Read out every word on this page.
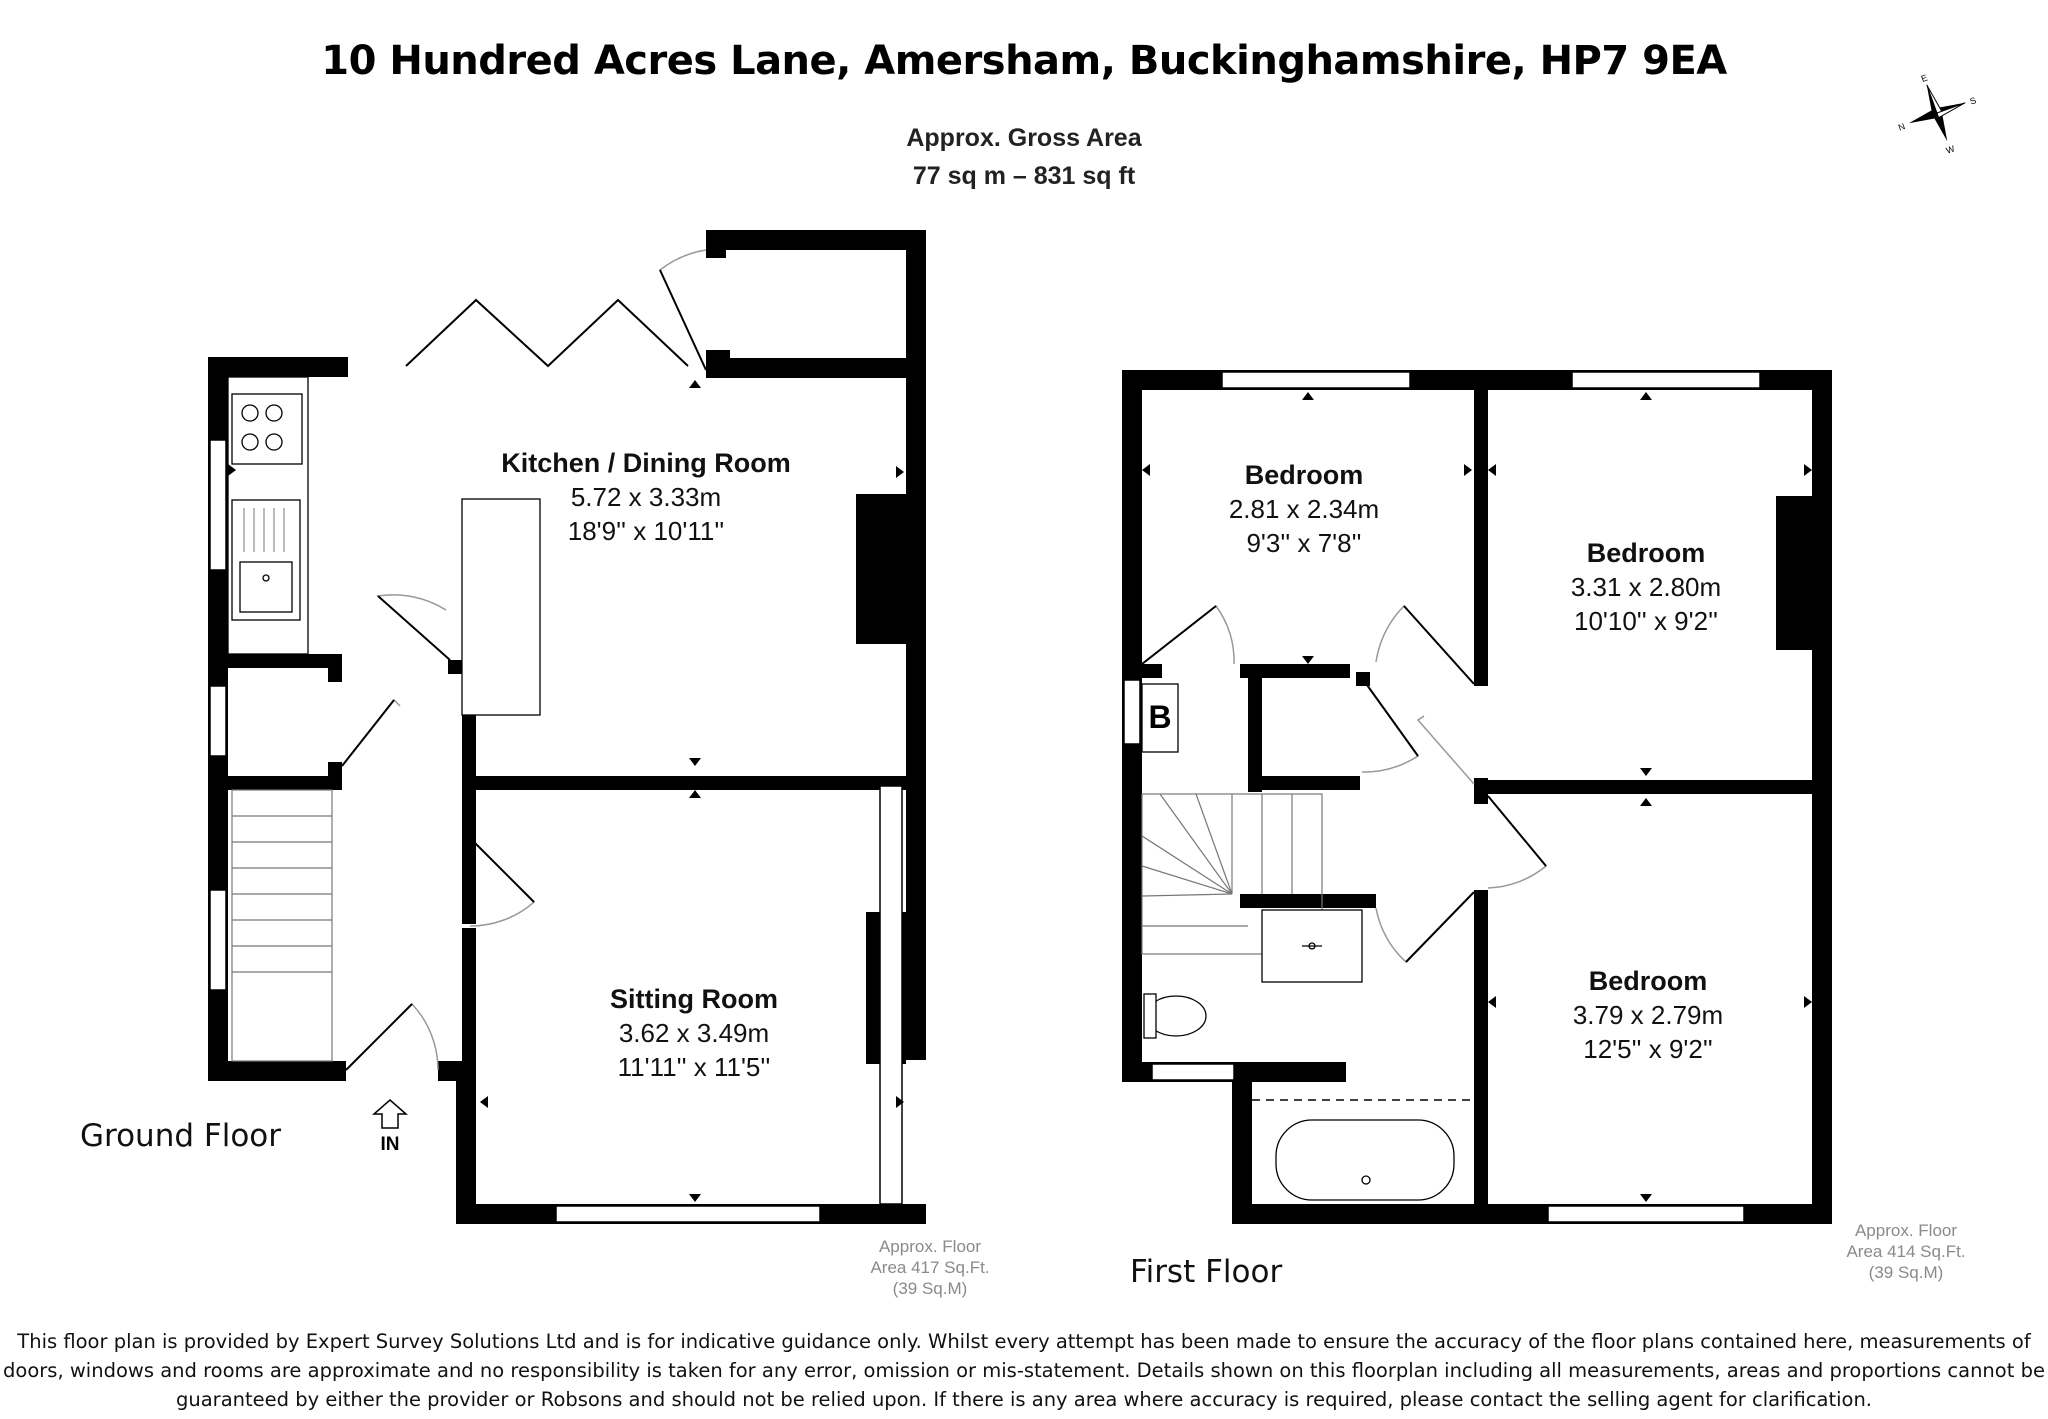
10 Hundred Acres Lane, Amersham, Buckinghamshire, HP7 9EA
Approx. Gross Area
77 sq m – 831 sq ft
E
S
W
N
IN
Kitchen / Dining Room
5.72 x 3.33m
18'9'' x 10'11''
Sitting Room
3.62 x 3.49m
11'11'' x 11'5''
B
Bedroom
2.81 x 2.34m
9'3'' x 7'8''	Bedroom
3.31 x 2.80m
10'10'' x 9'2''
Bedroom
3.79 x 2.79m
12'5'' x 9'2''
Ground Floor
Approx. Floor
Area 417 Sq.Ft.
(39 Sq.M)	First Floor
Approx. Floor
Area 414 Sq.Ft.
(39 Sq.M)
This floor plan is provided by Expert Survey Solutions Ltd and is for indicative guidance only. Whilst every attempt has been made to ensure the accuracy of the floor plans contained here, measurements of
doors, windows and rooms are approximate and no responsibility is taken for any error, omission or mis-statement. Details shown on this floorplan including all measurements, areas and proportions cannot be
guaranteed by either the provider or Robsons and should not be relied upon. If there is any area where accuracy is required, please contact the selling agent for clarification.
